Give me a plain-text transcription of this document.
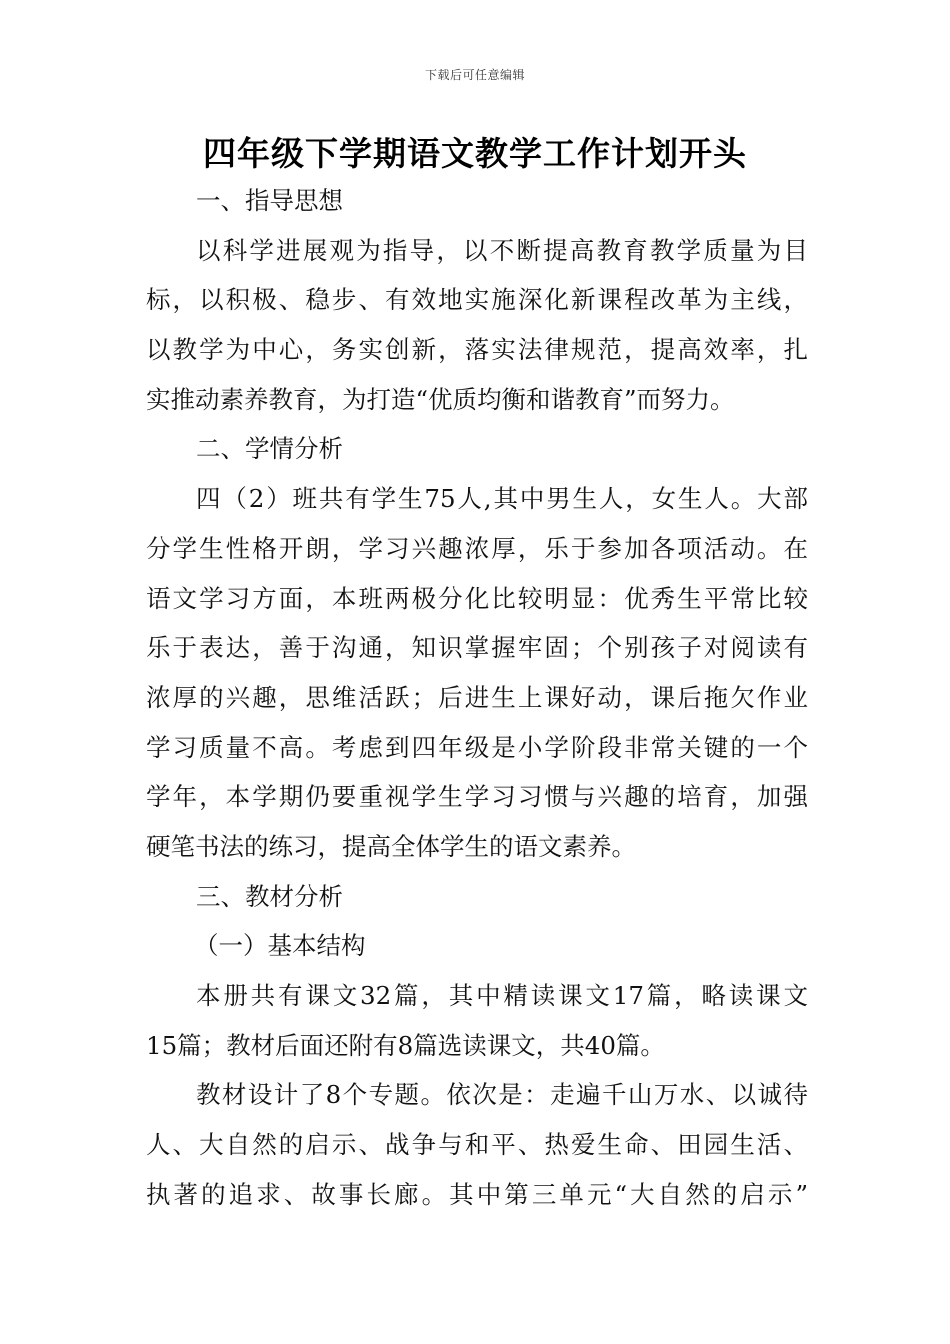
下载后可任意编辑
四年级下学期语文教学工作计划开头
一、指导思想
以科学进展观为指导，以不断提高教育教学质量为目
标，以积极、稳步、有效地实施深化新课程改革为主线，
以教学为中心，务实创新，落实法律规范，提高效率，扎
实推动素养教育，为打造“优质均衡和谐教育”而努力。
二、学情分析
四（2）班共有学生75人,其中男生人，女生人。大部
分学生性格开朗，学习兴趣浓厚，乐于参加各项活动。在
语文学习方面，本班两极分化比较明显：优秀生平常比较
乐于表达，善于沟通，知识掌握牢固；个别孩子对阅读有
浓厚的兴趣，思维活跃；后进生上课好动，课后拖欠作业
学习质量不高。考虑到四年级是小学阶段非常关键的一个
学年，本学期仍要重视学生学习习惯与兴趣的培育，加强
硬笔书法的练习，提高全体学生的语文素养。
三、教材分析
（一）基本结构
本册共有课文32篇，其中精读课文17篇，略读课文
15篇；教材后面还附有8篇选读课文，共40篇。
教材设计了8个专题。依次是：走遍千山万水、以诚待
人、大自然的启示、战争与和平、热爱生命、田园生活、
执著的追求、故事长廊。其中第三单元“大自然的启示”
